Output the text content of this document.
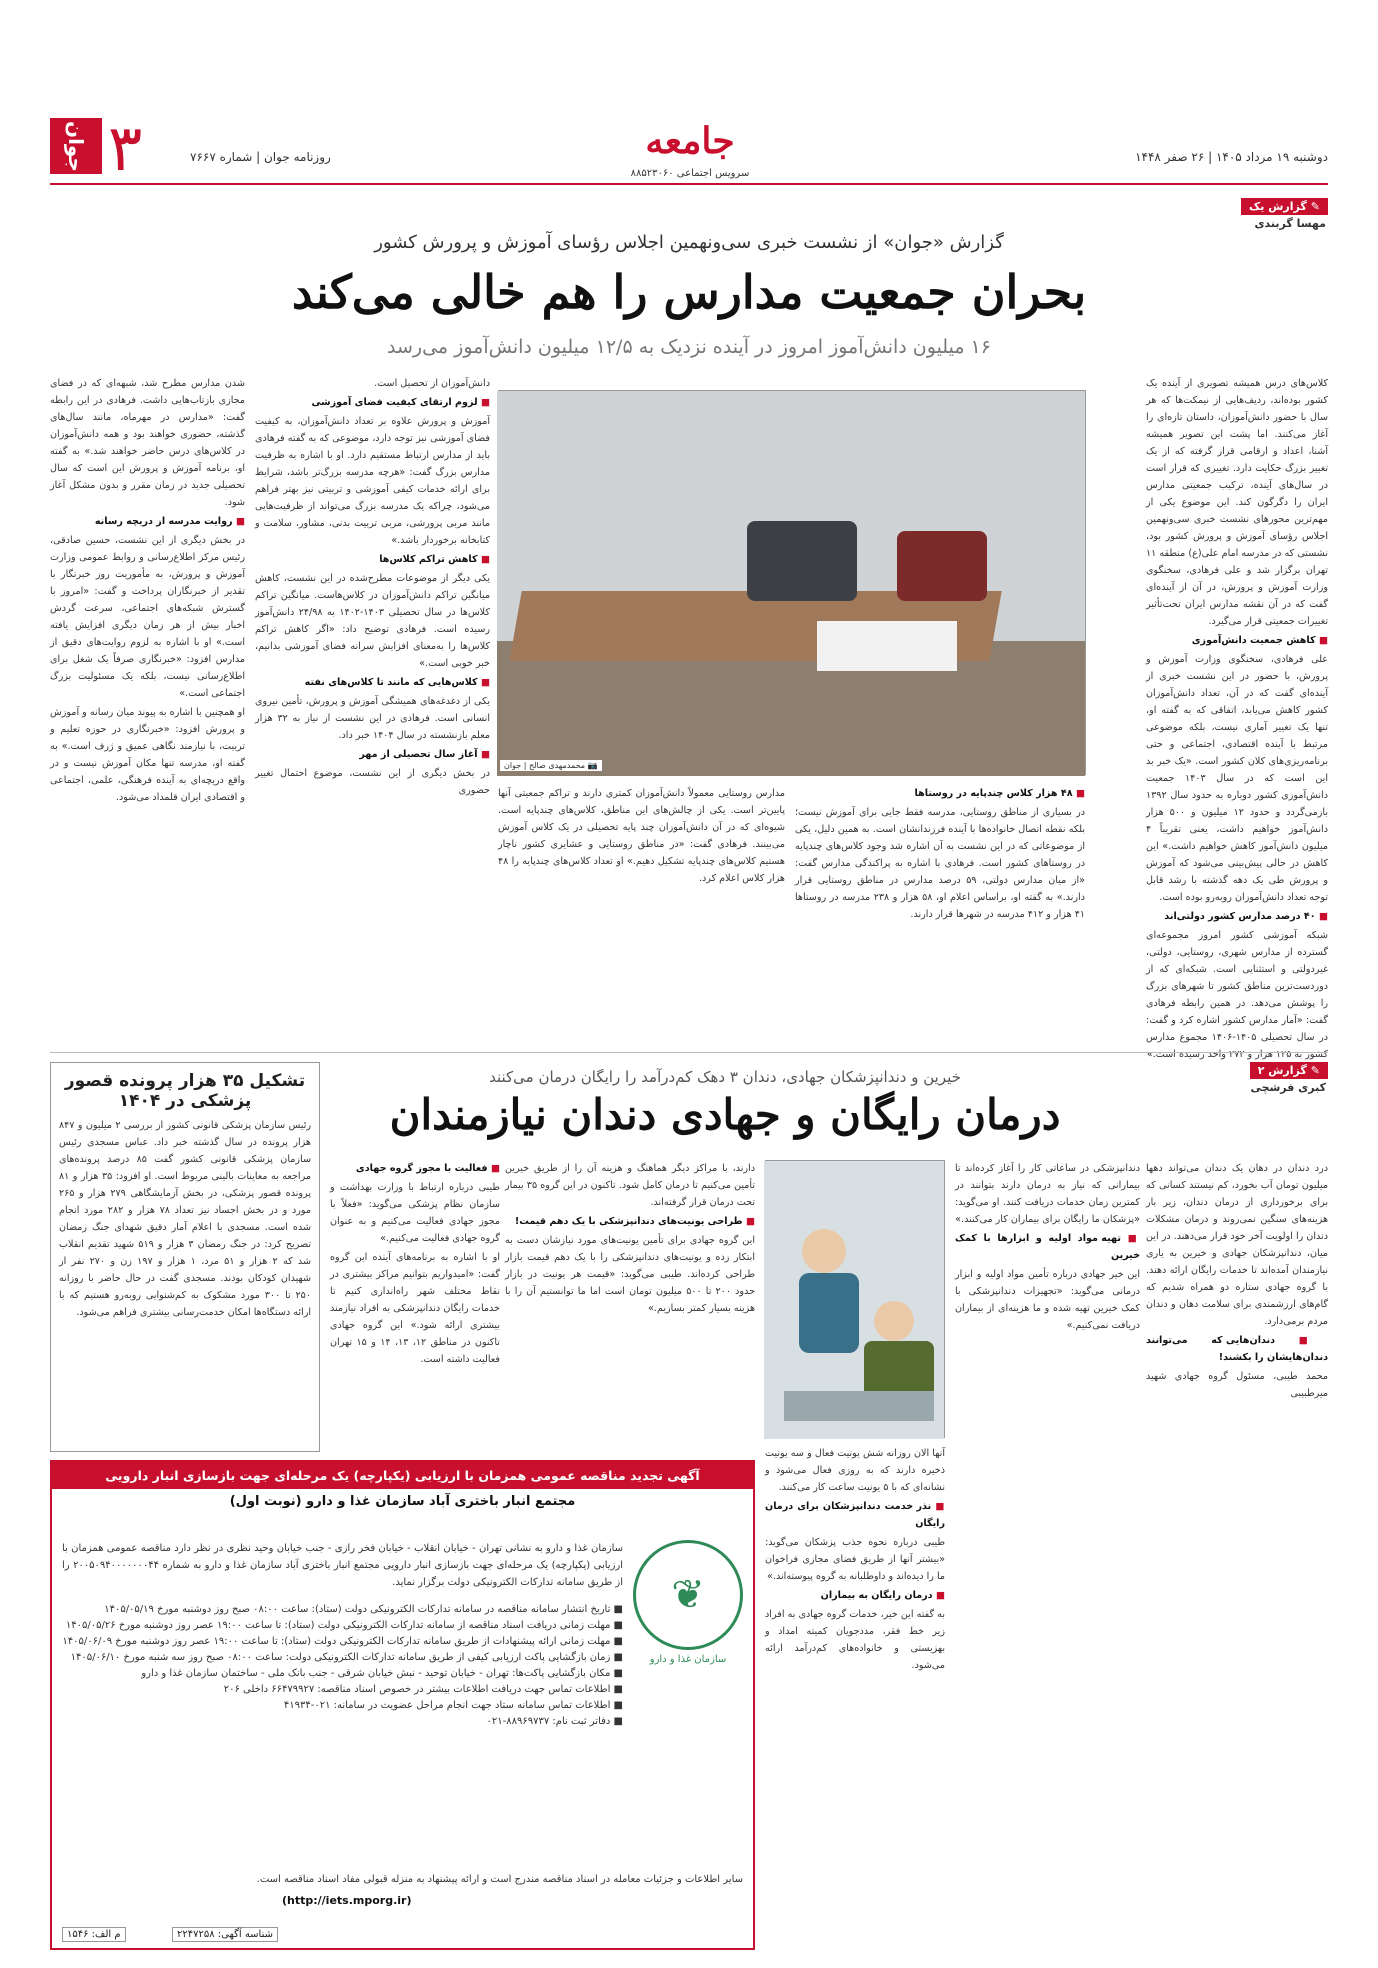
جوان ۳	روزنامه جوان | شماره ۷۶۶۷	جامعه
سرویس اجتماعی ۸۸۵۲۳۰۶۰
دوشنبه ۱۹ مرداد ۱۴۰۵ | ۲۶ صفر ۱۴۴۸
✎
گزارش یک
مهسا گربندی
گزارش «جوان» از نشست خبری سی‌ونهمین اجلاس رؤسای آموزش و پرورش کشور
بحران جمعیت مدارس را هم خالی می‌کند
۱۶ میلیون دانش‌آموز امروز در آینده نزدیک به ۱۲/۵ میلیون دانش‌آموز می‌رسد

کلاس‌های درس همیشه تصویری از آینده یک کشور بوده‌اند، ردیف‌هایی از نیمکت‌ها که هر سال با حضور دانش‌آموزان، داستان تازه‌ای را آغاز می‌کنند. اما پشت این تصویر همیشه آشنا، اعداد و ارقامی قرار گرفته که از یک تغییر بزرگ حکایت دارد. تغییری که قرار است در سال‌های آینده، ترکیب جمعیتی مدارس ایران را دگرگون کند. این موضوع یکی از مهم‌ترین محورهای نشست خبری سی‌ونهمین اجلاس رؤسای آموزش و پرورش کشور بود، نشستی که در مدرسه امام علی(ع) منطقه ۱۱ تهران برگزار شد و علی فرهادی، سخنگوی وزارت آموزش و پرورش، در آن از آینده‌ای گفت که در آن نقشه مدارس ایران تحت‌تأثیر تغییرات جمعیتی قرار می‌گیرد.

■ کاهش جمعیت دانش‌آموزی

علی فرهادی، سخنگوی وزارت آموزش و پرورش، با حضور در این نشست خبری از آینده‌ای گفت که در آن، تعداد دانش‌آموزان کشور کاهش می‌یابد، اتفاقی که به گفته او، تنها یک تغییر آماری نیست، بلکه موضوعی مرتبط با آینده اقتصادی، اجتماعی و حتی برنامه‌ریزی‌های کلان کشور است. «یک خبر بد این است که در سال ۱۴۰۳ جمعیت دانش‌آموزی کشور دوباره به حدود سال ۱۳۹۲ بازمی‌گردد و حدود ۱۲ میلیون و ۵۰۰ هزار دانش‌آموز خواهیم داشت، یعنی تقریباً ۴ میلیون دانش‌آموز کاهش خواهیم داشت.» این کاهش در حالی پیش‌بینی می‌شود که آموزش و پرورش طی یک دهه گذشته با رشد قابل توجه تعداد دانش‌آموزان روبه‌رو بوده است.

■ ۴۰ درصد مدارس کشور دولتی‌اند

شبکه آموزشی کشور امروز مجموعه‌ای گسترده از مدارس شهری، روستایی، دولتی، غیردولتی و استثنایی است. شبکه‌ای که از دوردست‌ترین مناطق کشور تا شهرهای بزرگ را پوشش می‌دهد. در همین رابطه فرهادی گفت: «آمار مدارس کشور اشاره کرد و گفت: در سال تحصیلی ۱۴۰۵-۱۴۰۶ مجموع مدارس کشور به ۱۲۵ هزار و ۲۷۲ واحد رسیده است.»

📷 محمدمهدی صالح | جوان

دانش‌آموزان از تحصیل است.

■ لزوم ارتقای کیفیت فضای آموزشی

آموزش و پرورش علاوه بر تعداد دانش‌آموزان، به کیفیت فضای آموزشی نیز توجه دارد، موضوعی که به گفته فرهادی باید از مدارس ارتباط مستقیم دارد. او با اشاره به ظرفیت مدارس بزرگ گفت: «هرچه مدرسه بزرگ‌تر باشد، شرایط برای ارائه خدمات کیفی آموزشی و تربیتی نیز بهتر فراهم می‌شود، چراکه یک مدرسه بزرگ می‌تواند از ظرفیت‌هایی مانند مربی پرورشی، مربی تربیت بدنی، مشاور، سلامت و کتابخانه برخوردار باشد.»

■ کاهش تراکم کلاس‌ها

یکی دیگر از موضوعات مطرح‌شده در این نشست، کاهش میانگین تراکم دانش‌آموزان در کلاس‌هاست. میانگین تراکم کلاس‌ها در سال تحصیلی ۱۴۰۳-۱۴۰۲ به ۲۴/۹۸ دانش‌آموز رسیده است. فرهادی توضیح داد: «اگر کاهش تراکم کلاس‌ها را به‌معنای افزایش سرانه فضای آموزشی بدانیم، خبر خوبی است.»

■ کلاس‌هایی که مانند تا کلاس‌های نفته

یکی از دغدغه‌های همیشگی آموزش و پرورش، تأمین نیروی انسانی است. فرهادی در این نشست از نیاز به ۳۲ هزار معلم بازنشسته در سال ۱۴۰۴ خبر داد.

■ آغاز سال تحصیلی از مهر

در بخش دیگری از این نشست، موضوع احتمال تغییر حضوری

شدن مدارس مطرح شد، شبهه‌ای که در فضای مجازی بازتاب‌هایی داشت. فرهادی در این رابطه گفت: «مدارس در مهرماه، مانند سال‌های گذشته، حضوری خواهند بود و همه دانش‌آموزان در کلاس‌های درس حاضر خواهند شد.» به گفته او، برنامه آموزش و پرورش این است که سال تحصیلی جدید در زمان مقرر و بدون مشکل آغاز شود.

■ روایت مدرسه از دریچه رسانه

در بخش دیگری از این نشست، حسین صادقی، رئیس مرکز اطلاع‌رسانی و روابط عمومی وزارت آموزش و پرورش، به مأموریت روز خبرنگار با تقدیر از خبرنگاران پرداخت و گفت: «امروز با گسترش شبکه‌های اجتماعی، سرعت گردش اخبار بیش از هر زمان دیگری افزایش یافته است.» او با اشاره به لزوم روایت‌های دقیق از مدارس افزود: «خبرنگاری صرفاً یک شغل برای اطلاع‌رسانی نیست، بلکه یک مسئولیت بزرگ اجتماعی است.»

او همچنین با اشاره به پیوند میان رسانه و آموزش و پرورش افزود: «خبرنگاری در حوزه تعلیم و تربیت، با نیازمند نگاهی عمیق و ژرف است.» به گفته او، مدرسه تنها مکان آموزش نیست و در واقع دریچه‌ای به آینده فرهنگی، علمی، اجتماعی و اقتصادی ایران قلمداد می‌شود.

■	۴۸ هزار کلاس چندپایه در روستاها

در بسیاری از مناطق روستایی، مدرسه فقط جایی برای آموزش نیست؛ بلکه نقطه اتصال خانواده‌ها با آینده فرزندانشان است. به همین دلیل، یکی از موضوعاتی که در این نشست به آن اشاره شد وجود کلاس‌های چندپایه در روستاهای کشور است. فرهادی با اشاره به پراکندگی مدارس گفت: «از میان مدارس دولتی، ۵۹ درصد مدارس در مناطق روستایی قرار دارند.» به گفته او، براساس اعلام او، ۵۸ هزار و ۲۳۸ مدرسه در روستاها ۴۱ هزار و ۴۱۲ مدرسه در شهرها قرار دارند.

مدارس روستایی معمولاً دانش‌آموزان کمتری دارند و تراکم جمعیتی آنها پایین‌تر است. یکی از چالش‌های این مناطق، کلاس‌های چندپایه است. شیوه‌ای که در آن دانش‌آموزان چند پایه تحصیلی در یک کلاس آموزش می‌بینند. فرهادی گفت: «در مناطق روستایی و عشایری کشور ناچار هستیم کلاس‌های چندپایه تشکیل دهیم.» او تعداد کلاس‌های چندپایه را ۴۸ هزار کلاس اعلام کرد.

✎
گزارش ۲
کبری فرشچی
خیرین و دندانپزشکان جهادی، دندان ۳ دهک کم‌درآمد را رایگان درمان می‌کنند
درمان رایگان و جهادی دندان نیازمندان

درد دندان در دهان یک دندان می‌تواند دهها میلیون تومان آب بخورد، کم نیستند کسانی که برای برخورداری از درمان دندان، زیر بار هزینه‌های سنگین نمی‌روند و درمان مشکلات دندان را اولویت آخر خود قرار می‌دهند. در این میان، دندانپزشکان جهادی و خیرین به یاری نیازمندان آمده‌اند تا خدمات رایگان ارائه دهند. با گروه جهادی ستاره دو همراه شدیم که گام‌های ارزشمندی برای سلامت دهان و دندان مردم برمی‌دارد.

■ دندان‌هایی که می‌توانند دندان‌هایشان را بکشند!

محمد طیبی، مسئول گروه جهادی شهید میرطبیبی

دندانپزشکی در ساعاتی کار را آغاز کرده‌اند تا بیمارانی که نیاز به درمان دارند بتوانند در کمترین زمان خدمات دریافت کنند. او می‌گوید: «پزشکان ما رایگان برای بیماران کار می‌کنند.»

■ تهیه مواد اولیه و ابزارها با کمک خیرین

این خیر جهادی درباره تأمین مواد اولیه و ابزار درمانی می‌گوید: «تجهیزات دندانپزشکی با کمک خیرین تهیه شده و ما هزینه‌ای از بیماران دریافت نمی‌کنیم.»

آنها الان روزانه شش یونیت فعال و سه یونیت ذخیره دارند که به روزی فعال می‌شود و نشانه‌ای که با ۵ یونیت ساعت کار می‌کنند.

■ نذر خدمت دندانپزشکان برای درمان رایگان

طیبی درباره نحوه جذب پزشکان می‌گوید: «بیشتر آنها از طریق فضای مجازی فراخوان ما را دیده‌اند و داوطلبانه به گروه پیوسته‌اند.»

■ درمان رایگان به بیماران

به گفته این خیر، خدمات گروه جهادی به افراد زیر خط فقر، مددجویان کمیته امداد و بهزیستی و خانواده‌های کم‌درآمد ارائه می‌شود.

دارند، با مراکز دیگر هماهنگ و هزینه آن را از طریق خیرین تأمین می‌کنیم تا درمان کامل شود. تاکنون در این گروه ۳۵ بیمار تحت درمان قرار گرفته‌اند.

■ طراحی یونیت‌های دندانپزشکی با یک دهم قیمت!

این گروه جهادی برای تأمین یونیت‌های مورد نیازشان دست به ابتکار زده و یونیت‌های دندانپزشکی را با یک دهم قیمت بازار طراحی کرده‌اند. طیبی می‌گوید: «قیمت هر یونیت در بازار حدود ۲۰۰ تا ۵۰۰ میلیون تومان است اما ما توانستیم آن را با هزینه بسیار کمتر بسازیم.»

■ فعالیت با مجوز گروه جهادی

طیبی درباره ارتباط با وزارت بهداشت و سازمان نظام پزشکی می‌گوید: «فعلاً با مجوز جهادی فعالیت می‌کنیم و به عنوان گروه جهادی فعالیت می‌کنیم.»

او با اشاره به برنامه‌های آینده این گروه گفت: «امیدواریم بتوانیم مراکز بیشتری در نقاط مختلف شهر راه‌اندازی کنیم تا خدمات رایگان دندانپزشکی به افراد نیازمند بیشتری ارائه شود.» این گروه جهادی تاکنون در مناطق ۱۲، ۱۳، ۱۴ و ۱۵ تهران فعالیت داشته است.

تشکیل ۳۵ هزار پرونده قصور پزشکی در ۱۴۰۴
رئیس سازمان پزشکی قانونی کشور از بررسی ۲ میلیون و ۸۴۷ هزار پرونده در سال گذشته خبر داد. عباس مسجدی رئیس سازمان پزشکی قانونی کشور گفت ۸۵ درصد پرونده‌های مراجعه به معاینات بالینی مربوط است. او افزود: ۳۵ هزار و ۸۱ پرونده قصور پزشکی، در بخش آزمایشگاهی ۲۷۹ هزار و ۲۶۵ مورد و در بخش اجساد نیز تعداد ۷۸ هزار و ۲۸۲ مورد انجام شده است. مسجدی با اعلام آمار دقیق شهدای جنگ رمضان تصریح کرد: در جنگ رمضان ۳ هزار و ۵۱۹ شهید تقدیم انقلاب شد که ۲ هزار و ۵۱ مرد، ۱ هزار و ۱۹۷ زن و ۲۷۰ نفر از شهیدان کودکان بودند. مسجدی گفت در حال حاضر با روزانه ۲۵۰ تا ۳۰۰ مورد مشکوک به کم‌شنوایی روبه‌رو هستیم که با ارائه دستگاه‌ها امکان خدمت‌رسانی بیشتری فراهم می‌شود.
آگهی تجدید مناقصه عمومی همزمان با ارزیابی (یکپارچه) یک مرحله‌ای جهت بازسازی انبار دارویی
مجتمع انبار باختری آباد سازمان غذا و دارو (نوبت اول)
❦
سازمان غذا و دارو
سازمان غذا و دارو به نشانی تهران - خیابان انقلاب - خیابان فخر رازی - جنب خیابان وحید نظری در نظر دارد مناقصه عمومی همزمان با ارزیابی (یکپارچه) یک مرحله‌ای جهت بازسازی انبار دارویی مجتمع انبار باختری آباد سازمان غذا و دارو به شماره ۲۰۰۵۰۹۴۰۰۰۰۰۰۰۴۴ را از طریق سامانه تدارکات الکترونیکی دولت برگزار نماید.
■ تاریخ انتشار سامانه مناقصه در سامانه تدارکات الکترونیکی دولت (ستاد): ساعت ۰۸:۰۰ صبح روز دوشنبه مورخ ۱۴۰۵/۰۵/۱۹
■ مهلت زمانی دریافت اسناد مناقصه از سامانه تدارکات الکترونیکی دولت (ستاد): تا ساعت ۱۹:۰۰ عصر روز دوشنبه مورخ ۱۴۰۵/۰۵/۲۶
■ مهلت زمانی ارائه پیشنهادات از طریق سامانه تدارکات الکترونیکی دولت (ستاد): تا ساعت ۱۹:۰۰ عصر روز دوشنبه مورخ ۱۴۰۵/۰۶/۰۹
■ زمان بازگشایی پاکت ارزیابی کیفی از طریق سامانه تدارکات الکترونیکی دولت: ساعت ۰۸:۰۰ صبح روز سه شنبه مورخ ۱۴۰۵/۰۶/۱۰
■ مکان بازگشایی پاکت‌ها: تهران - خیابان توحید - نبش خیابان شرقی - جنب بانک ملی - ساختمان سازمان غذا و دارو
■ اطلاعات تماس جهت دریافت اطلاعات بیشتر در خصوص اسناد مناقصه: ۶۶۴۷۹۹۲۷ داخلی ۲۰۶
■ اطلاعات تماس سامانه ستاد جهت انجام مراحل عضویت در سامانه: ۰۲۱-۴۱۹۳۴
■ دفاتر ثبت نام: ۸۸۹۶۹۷۳۷-۰۲۱
سایر اطلاعات و جزئیات معامله در اسناد مناقصه مندرج است و ارائه پیشنهاد به منزله قبولی مفاد اسناد مناقصه است.
(http://iets.mporg.ir)
م الف: ۱۵۴۶	شناسه آگهی: ۲۲۴۷۲۵۸
